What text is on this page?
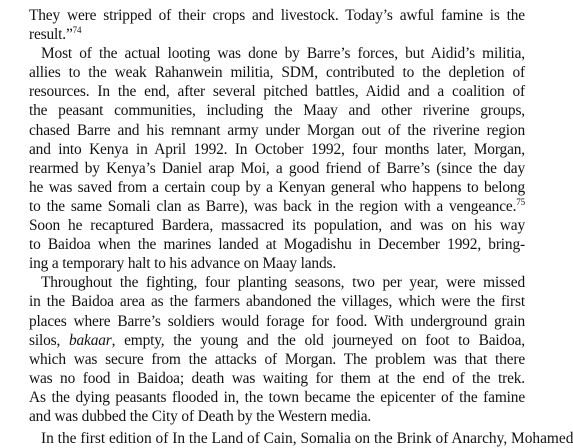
They were stripped of their crops and livestock. Today’s awful famine is the
result.”$^{74}$

Most of the actual looting was done by Barre’s forces, but Aidid’s militia,
allies to the weak Rahanwein militia, SDM, contributed to the depletion of
resources. In the end, after several pitched battles, Aidid and a coalition of
the peasant communities, including the Maay and other riverine groups,
chased Barre and his remnant army under Morgan out of the riverine region
and into Kenya in April 1992. In October 1992, four months later, Morgan,
rearmed by Kenya’s Daniel arap Moi, a good friend of Barre’s (since the day
he was saved from a certain coup by a Kenyan general who happens to belong
to the same Somali clan as Barre), was back in the region with a vengeance.$^{75}$
Soon he recaptured Bardera, massacred its population, and was on his way
to Baidoa when the marines landed at Mogadishu in December 1992, bring-
ing a temporary halt to his advance on Maay lands.

Throughout the fighting, four planting seasons, two per year, were missed
in the Baidoa area as the farmers abandoned the villages, which were the first
places where Barre’s soldiers would forage for food. With underground grain
silos, bakaar, empty, the young and the old journeyed on foot to Baidoa,
which was secure from the attacks of Morgan. The problem was that there
was no food in Baidoa; death was waiting for them at the end of the trek.
As the dying peasants flooded in, the town became the epicenter of the famine
and was dubbed the City of Death by the Western media.

In the first edition of In the Land of Cain, Somalia on the Brink of Anarchy, Mohamed
